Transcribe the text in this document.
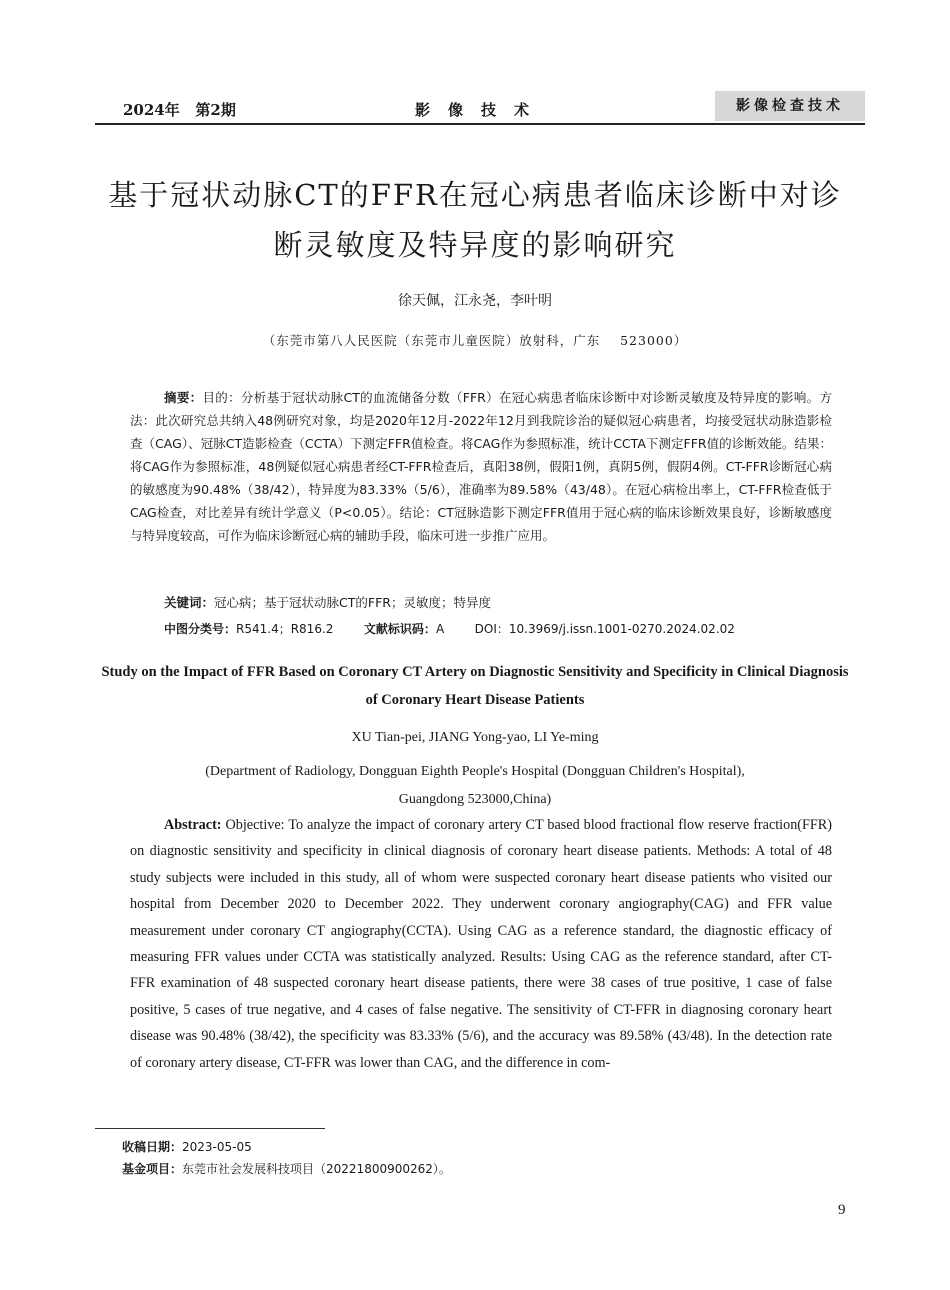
2024年   第2期	影像技术	影像检查技术
基于冠状动脉CT的FFR在冠心病患者临床诊断中对诊断灵敏度及特异度的影响研究
徐天佩，江永尧，李叶明
（东莞市第八人民医院（东莞市儿童医院）放射科，广东    523000）
摘要：目的：分析基于冠状动脉CT的血流储备分数（FFR）在冠心病患者临床诊断中对诊断灵敏度及特异度的影响。方法：此次研究总共纳入48例研究对象，均是2020年12月-2022年12月到我院诊治的疑似冠心病患者，均接受冠状动脉造影检查（CAG）、冠脉CT造影检查（CCTA）下测定FFR值检查。将CAG作为参照标准，统计CCTA下测定FFR值的诊断效能。结果：将CAG作为参照标准，48例疑似冠心病患者经CT-FFR检查后，真阳38例，假阳1例，真阴5例，假阴4例。CT-FFR诊断冠心病的敏感度为90.48%（38/42），特异度为83.33%（5/6），准确率为89.58%（43/48）。在冠心病检出率上，CT-FFR检查低于CAG检查，对比差异有统计学意义（P<0.05）。结论：CT冠脉造影下测定FFR值用于冠心病的临床诊断效果良好，诊断敏感度与特异度较高，可作为临床诊断冠心病的辅助手段，临床可进一步推广应用。
关键词：冠心病；基于冠状动脉CT的FFR；灵敏度；特异度
中图分类号：R541.4；R816.2	文献标识码：A	DOI：10.3969/j.issn.1001-0270.2024.02.02
Study on the Impact of FFR Based on Coronary CT Artery on Diagnostic Sensitivity and Specificity in Clinical Diagnosis of Coronary Heart Disease Patients
XU Tian-pei, JIANG Yong-yao, LI Ye-ming
(Department of Radiology, Dongguan Eighth People's Hospital (Dongguan Children's Hospital),
Guangdong 523000,China)
Abstract: Objective: To analyze the impact of coronary artery CT based blood fractional flow reserve fraction(FFR) on diagnostic sensitivity and specificity in clinical diagnosis of coronary heart disease patients. Methods: A total of 48 study subjects were included in this study, all of whom were suspected coronary heart disease patients who visited our hospital from December 2020 to December 2022. They underwent coronary angiography(CAG) and FFR value measurement under coronary CT angiography(CCTA). Using CAG as a reference standard, the diagnostic efficacy of measuring FFR values under CCTA was statistically analyzed. Results: Using CAG as the reference standard, after CT-FFR examination of 48 suspected coronary heart disease patients, there were 38 cases of true positive, 1 case of false positive, 5 cases of true negative, and 4 cases of false negative. The sensitivity of CT-FFR in diagnosing coronary heart disease was 90.48% (38/42), the specificity was 83.33% (5/6), and the accuracy was 89.58% (43/48). In the detection rate of coronary artery disease, CT-FFR was lower than CAG, and the difference in com-
收稿日期：2023-05-05
基金项目：东莞市社会发展科技项目（20221800900262）。
9
